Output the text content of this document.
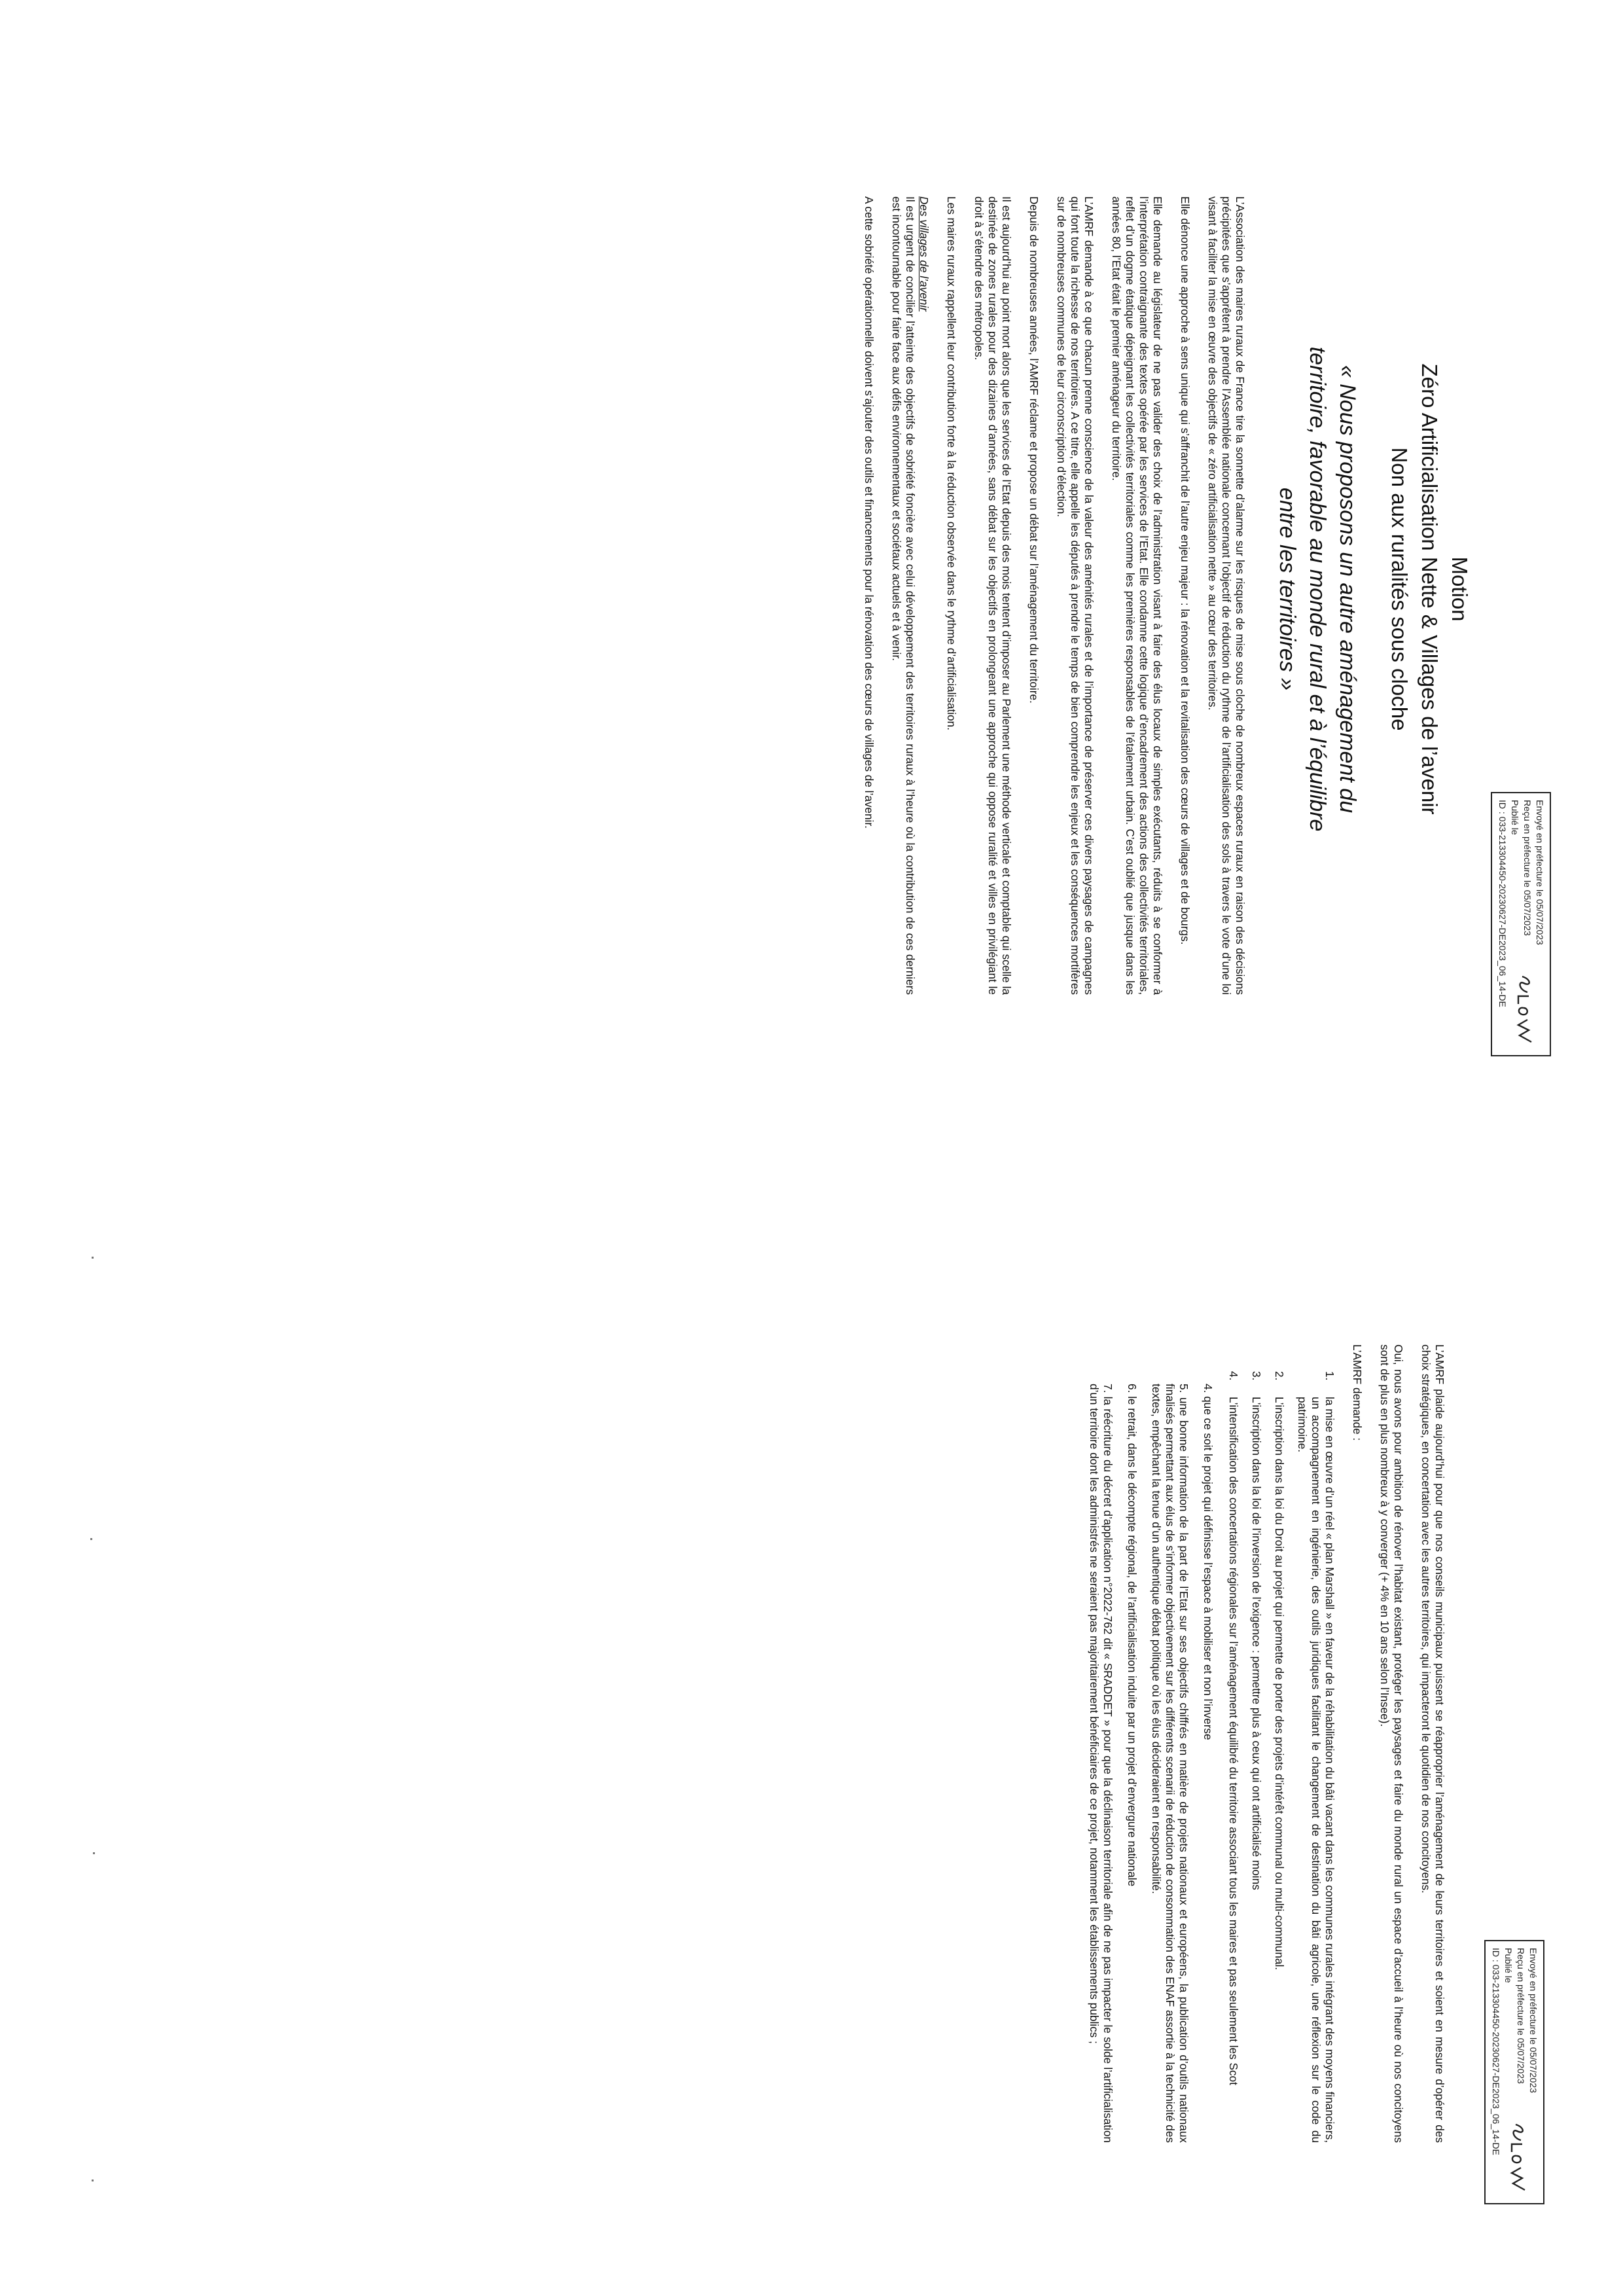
Envoyé en préfecture le 05/07/2023
Reçu en préfecture le 05/07/2023
Publié le
ID : 033-213304450-20230627-DE2023_06_14-DE
Motion
Zéro Artificialisation Nette & Villages de l’avenir
Non aux ruralités sous cloche
« Nous proposons un autre aménagement du
territoire, favorable au monde rural et à l’équilibre
entre les territoires »

L’Association des maires ruraux de France tire la sonnette d’alarme sur les risques de mise sous cloche de nombreux espaces ruraux en raison des décisions précipitées que s’apprêtent à prendre l’Assemblée nationale concernant l’objectif de réduction du rythme de l’artificialisation des sols à travers le vote d’une loi visant à faciliter la mise en œuvre des objectifs de « zéro artificialisation nette » au cœur des territoires.

Elle dénonce une approche à sens unique qui s’affranchit de l’autre enjeu majeur : la rénovation et la revitalisation des cœurs de villages et de bourgs.

Elle demande au législateur de ne pas valider des choix de l’administration visant à faire des élus locaux de simples exécutants, réduits à se conformer à l’interprétation contraignante des textes opérée par les services de l’Etat. Elle condamne cette logique d’encadrement des actions des collectivités territoriales, reflet d’un dogme étatique dépeignant les collectivités territoriales comme les premières responsables de l’étalement urbain. C’est oublié que jusque dans les années 80, l’Etat était le premier aménageur du territoire.

L’AMRF demande à ce que chacun prenne conscience de la valeur des aménités rurales et de l’importance de préserver ces divers paysages de campagnes qui font toute la richesse de nos territoires. A ce titre, elle appelle les députés à prendre le temps de bien comprendre les enjeux et les conséquences mortifères sur de nombreuses communes de leur circonscription d’élection.

Depuis de nombreuses années, l’AMRF réclame et propose un débat sur l’aménagement du territoire.

Il est aujourd’hui au point mort alors que les services de l’Etat depuis des mois tentent d’imposer au Parlement une méthode verticale et comptable qui scelle la destinée de zones rurales pour des dizaines d’années, sans débat sur les objectifs en prolongeant une approche qui oppose ruralité et villes en privilégiant le droit à s’étendre des métropoles.

Les maires ruraux rappellent leur contribution forte à la réduction observée dans le rythme d’artificialisation.

Des villages de l’avenir

Il est urgent de concilier l’atteinte des objectifs de sobriété foncière avec celui développement des territoires ruraux à l’heure où la contribution de ces derniers est incontournable pour faire face aux défis environnementaux et sociétaux actuels et à venir.

A cette sobriété opérationnelle doivent s’ajouter des outils et financements pour la rénovation des cœurs de villages de l’avenir.

Envoyé en préfecture le 05/07/2023
Reçu en préfecture le 05/07/2023
Publié le
ID : 033-213304450-20230627-DE2023_06_14-DE

L’AMRF plaide aujourd’hui pour que nos conseils municipaux puissent se réapproprier l’aménagement de leurs territoires et soient en mesure d’opérer des choix stratégiques, en concertation avec les autres territoires, qui impacteront le quotidien de nos concitoyens.

Oui, nous avons pour ambition de rénover l’habitat existant, protéger les paysages et faire du monde rural un espace d’accueil à l’heure où nos concitoyens sont de plus en plus nombreux à y converger (+ 4% en 10 ans selon l’Insee).

L’AMRF demande :

1. la mise en œuvre d’un réel « plan Marshall » en faveur de la réhabilitation du bâti vacant dans les communes rurales intégrant des moyens financiers, un accompagnement en ingénierie, des outils juridiques facilitant le changement de destination du bâti agricole, une réflexion sur le code du patrimoine.
2. L’inscription dans la loi du Droit au projet qui permette de porter des projets d’intérêt communal ou multi-communal.
3. L’inscription dans la loi de l’inversion de l’exigence : permettre plus à ceux qui ont artificialisé moins
4. L’intensification des concertations régionales sur l’aménagement équilibré du territoire associant tous les maires et pas seulement les Scot
4. que ce soit le projet qui définisse l’espace à mobiliser et non l’inverse
5. une bonne information de la part de l’Etat sur ses objectifs chiffrés en matière de projets nationaux et européens, la publication d’outils nationaux finalisés permettant aux élus de s’informer objectivement sur les différents scenarii de réduction de consommation des ENAF assortie à la technicité des textes, empêchant la tenue d’un authentique débat politique où les élus décideraient en responsabilité.
6. le retrait, dans le décompte régional, de l’artificialisation induite par un projet d’envergure nationale
7. la réécriture du décret d’application n°2022-762 dit « SRADDET » pour que la déclinaison territoriale afin de ne pas impacter le solde l’artificialisation d’un territoire dont les administrés ne seraient pas majoritairement bénéficiaires de ce projet, notamment les établissements publics ;
